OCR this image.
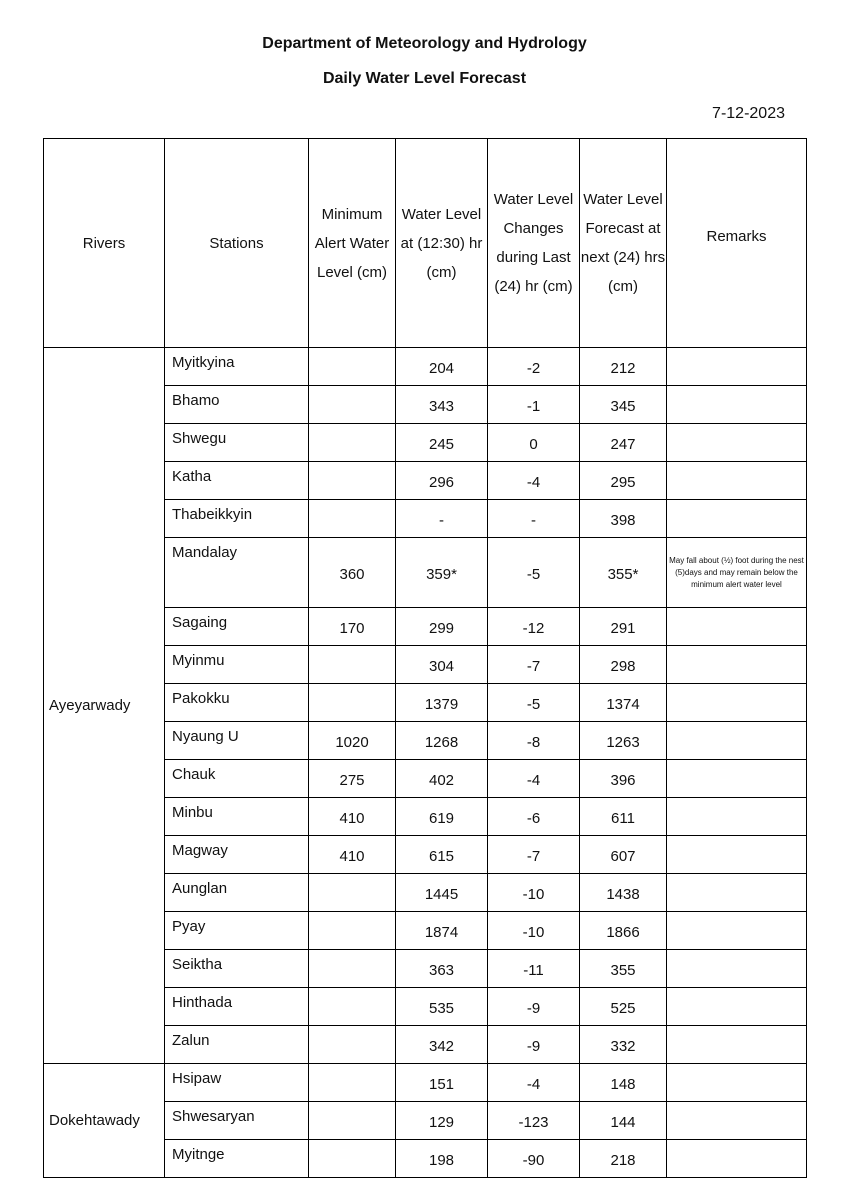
Department of Meteorology and Hydrology
Daily Water Level Forecast
7-12-2023
Rivers	Stations	Minimum Alert Water Level (cm)	Water Level at (12:30) hr (cm)	Water Level Changes during Last (24) hr (cm)	Water Level Forecast at next (24) hrs (cm)	Remarks
Ayeyarwady	Myitkyina		204	-2	212	
	Bhamo		343	-1	345	
	Shwegu		245	0	247	
	Katha		296	-4	295	
	Thabeikkyin		-	-	398	
	Mandalay	360	359*	-5	355*	May fall about (½) foot during the nest (5)days and may remain below the minimum alert water level
	Sagaing	170	299	-12	291	
	Myinmu		304	-7	298	
	Pakokku		1379	-5	1374	
	Nyaung U	1020	1268	-8	1263	
	Chauk	275	402	-4	396	
	Minbu	410	619	-6	611	
	Magway	410	615	-7	607	
	Aunglan		1445	-10	1438	
	Pyay		1874	-10	1866	
	Seiktha		363	-11	355	
	Hinthada		535	-9	525	
	Zalun		342	-9	332	
Dokehtawady	Hsipaw		151	-4	148	
	Shwesaryan		129	-123	144	
	Myitnge		198	-90	218	
